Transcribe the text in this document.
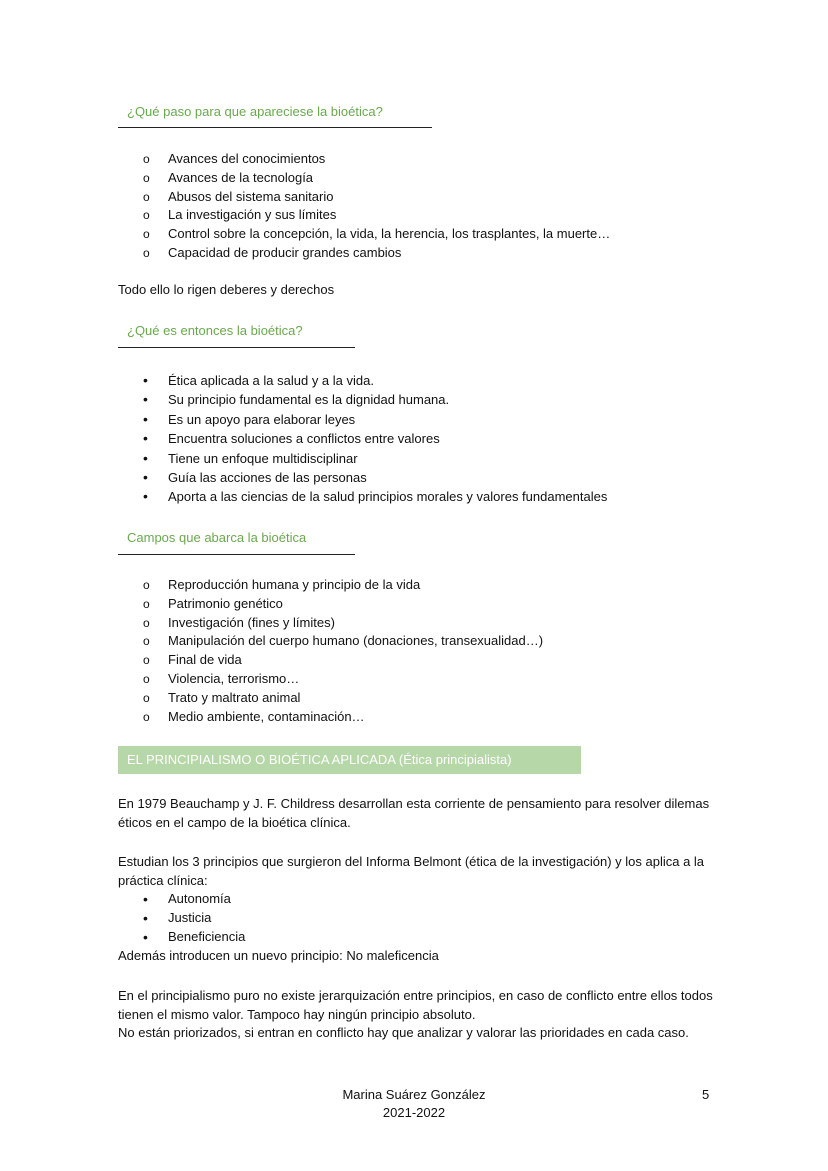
¿Qué paso para que apareciese la bioética?
o Avances del conocimientos
o Avances de la tecnología
o Abusos del sistema sanitario
o La investigación y sus límites
o Control sobre la concepción, la vida, la herencia, los trasplantes, la muerte…
o Capacidad de producir grandes cambios

Todo ello lo rigen deberes y derechos

¿Qué es entonces la bioética?
• Ética aplicada a la salud y a la vida.
• Su principio fundamental es la dignidad humana.
• Es un apoyo para elaborar leyes
• Encuentra soluciones a conflictos entre valores
• Tiene un enfoque multidisciplinar
• Guía las acciones de las personas
• Aporta a las ciencias de la salud principios morales y valores fundamentales
Campos que abarca la bioética
o Reproducción humana y principio de la vida
o Patrimonio genético
o Investigación (fines y límites)
o Manipulación del cuerpo humano (donaciones, transexualidad…)
o Final de vida
o Violencia, terrorismo…
o Trato y maltrato animal
o Medio ambiente, contaminación…
EL PRINCIPIALISMO O BIOÉTICA APLICADA (Ética principialista)

En 1979 Beauchamp y J. F. Childress desarrollan esta corriente de pensamiento para resolver dilemas éticos en el campo de la bioética clínica.

Estudian los 3 principios que surgieron del Informa Belmont (ética de la investigación) y los aplica a la práctica clínica:

• Autonomía
• Justicia
• Beneficiencia

Además introducen un nuevo principio: No maleficencia

En el principialismo puro no existe jerarquización entre principios, en caso de conflicto entre ellos todos tienen el mismo valor. Tampoco hay ningún principio absoluto.

No están priorizados, si entran en conflicto hay que analizar y valorar las prioridades en cada caso.

Marina Suárez González
2021-2022
5
